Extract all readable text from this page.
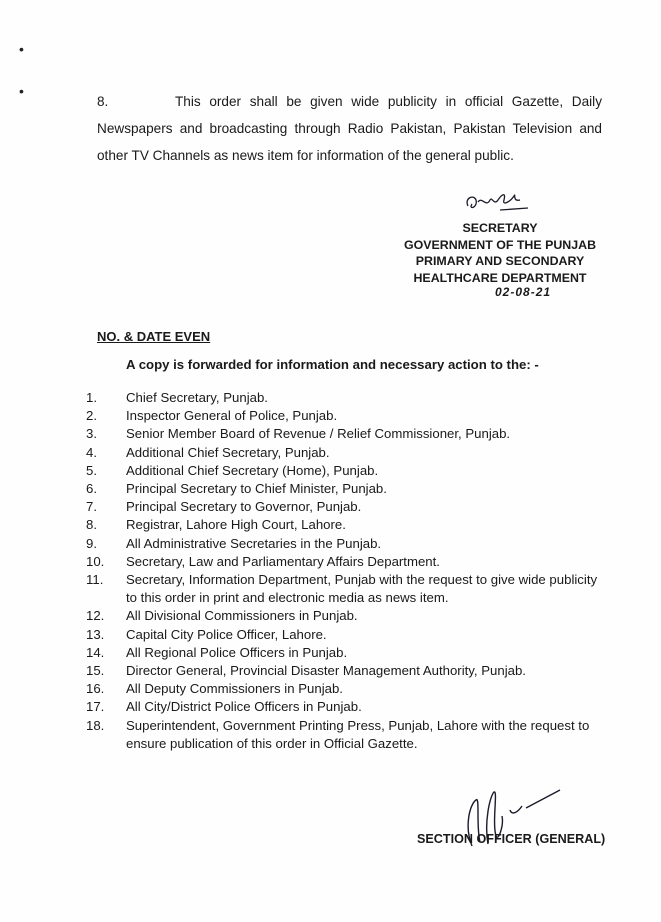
•
•
8.	This order shall be given wide publicity in official Gazette, Daily Newspapers and broadcasting through Radio Pakistan, Pakistan Television and other TV Channels as news item for information of the general public.
SECRETARY
GOVERNMENT OF THE PUNJAB
PRIMARY AND SECONDARY
HEALTHCARE DEPARTMENT
02-08-21
NO. & DATE EVEN
A copy is forwarded for information and necessary action to the: -
1.	Chief Secretary, Punjab.
2.	Inspector General of Police, Punjab.
3.	Senior Member Board of Revenue / Relief Commissioner, Punjab.
4.	Additional Chief Secretary, Punjab.
5.	Additional Chief Secretary (Home), Punjab.
6.	Principal Secretary to Chief Minister, Punjab.
7.	Principal Secretary to Governor, Punjab.
8.	Registrar, Lahore High Court, Lahore.
9.	All Administrative Secretaries in the Punjab.
10.	Secretary, Law and Parliamentary Affairs Department.
11.	Secretary, Information Department, Punjab with the request to give wide publicity to this order in print and electronic media as news item.
12.	All Divisional Commissioners in Punjab.
13.	Capital City Police Officer, Lahore.
14.	All Regional Police Officers in Punjab.
15.	Director General, Provincial Disaster Management Authority, Punjab.
16.	All Deputy Commissioners in Punjab.
17.	All City/District Police Officers in Punjab.
18.	Superintendent, Government Printing Press, Punjab, Lahore with the request to ensure publication of this order in Official Gazette.
SECTION OFFICER (GENERAL)
